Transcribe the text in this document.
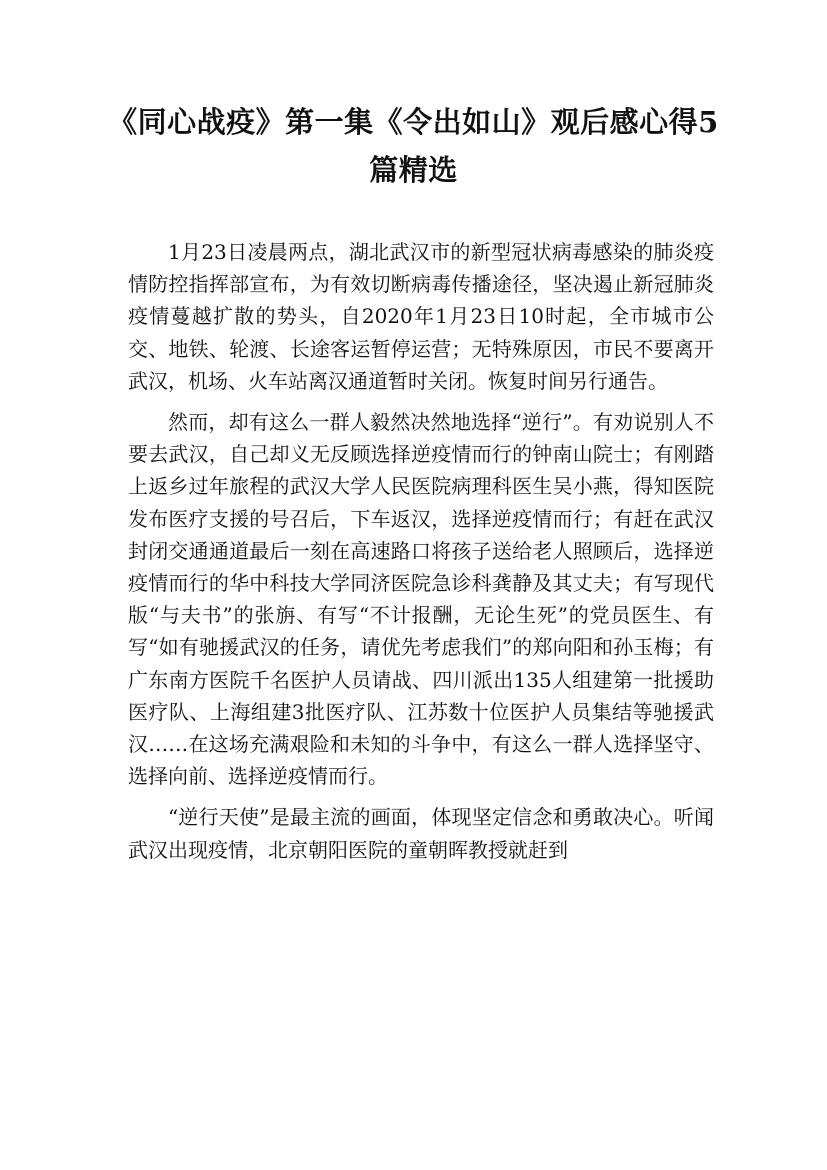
《同心战疫》第一集《令出如山》观后感心得5篇精选

1月23日凌晨两点，湖北武汉市的新型冠状病毒感染的肺炎疫情防控指挥部宣布，为有效切断病毒传播途径，坚决遏止新冠肺炎疫情蔓越扩散的势头，自2020年1月23日10时起，全市城市公交、地铁、轮渡、长途客运暂停运营；无特殊原因，市民不要离开武汉，机场、火车站离汉通道暂时关闭。恢复时间另行通告。

然而，却有这么一群人毅然决然地选择“逆行”。有劝说别人不要去武汉，自己却义无反顾选择逆疫情而行的钟南山院士；有刚踏上返乡过年旅程的武汉大学人民医院病理科医生吴小燕，得知医院发布医疗支援的号召后，下车返汉，选择逆疫情而行；有赶在武汉封闭交通通道最后一刻在高速路口将孩子送给老人照顾后，选择逆疫情而行的华中科技大学同济医院急诊科龚静及其丈夫；有写现代版“与夫书”的张旃、有写“不计报酬，无论生死”的党员医生、有写“如有驰援武汉的任务，请优先考虑我们”的郑向阳和孙玉梅；有广东南方医院千名医护人员请战、四川派出135人组建第一批援助医疗队、上海组建3批医疗队、江苏数十位医护人员集结等驰援武汉……在这场充满艰险和未知的斗争中，有这么一群人选择坚守、选择向前、选择逆疫情而行。

“逆行天使”是最主流的画面，体现坚定信念和勇敢决心。听闻武汉出现疫情，北京朝阳医院的童朝晖教授就赶到
